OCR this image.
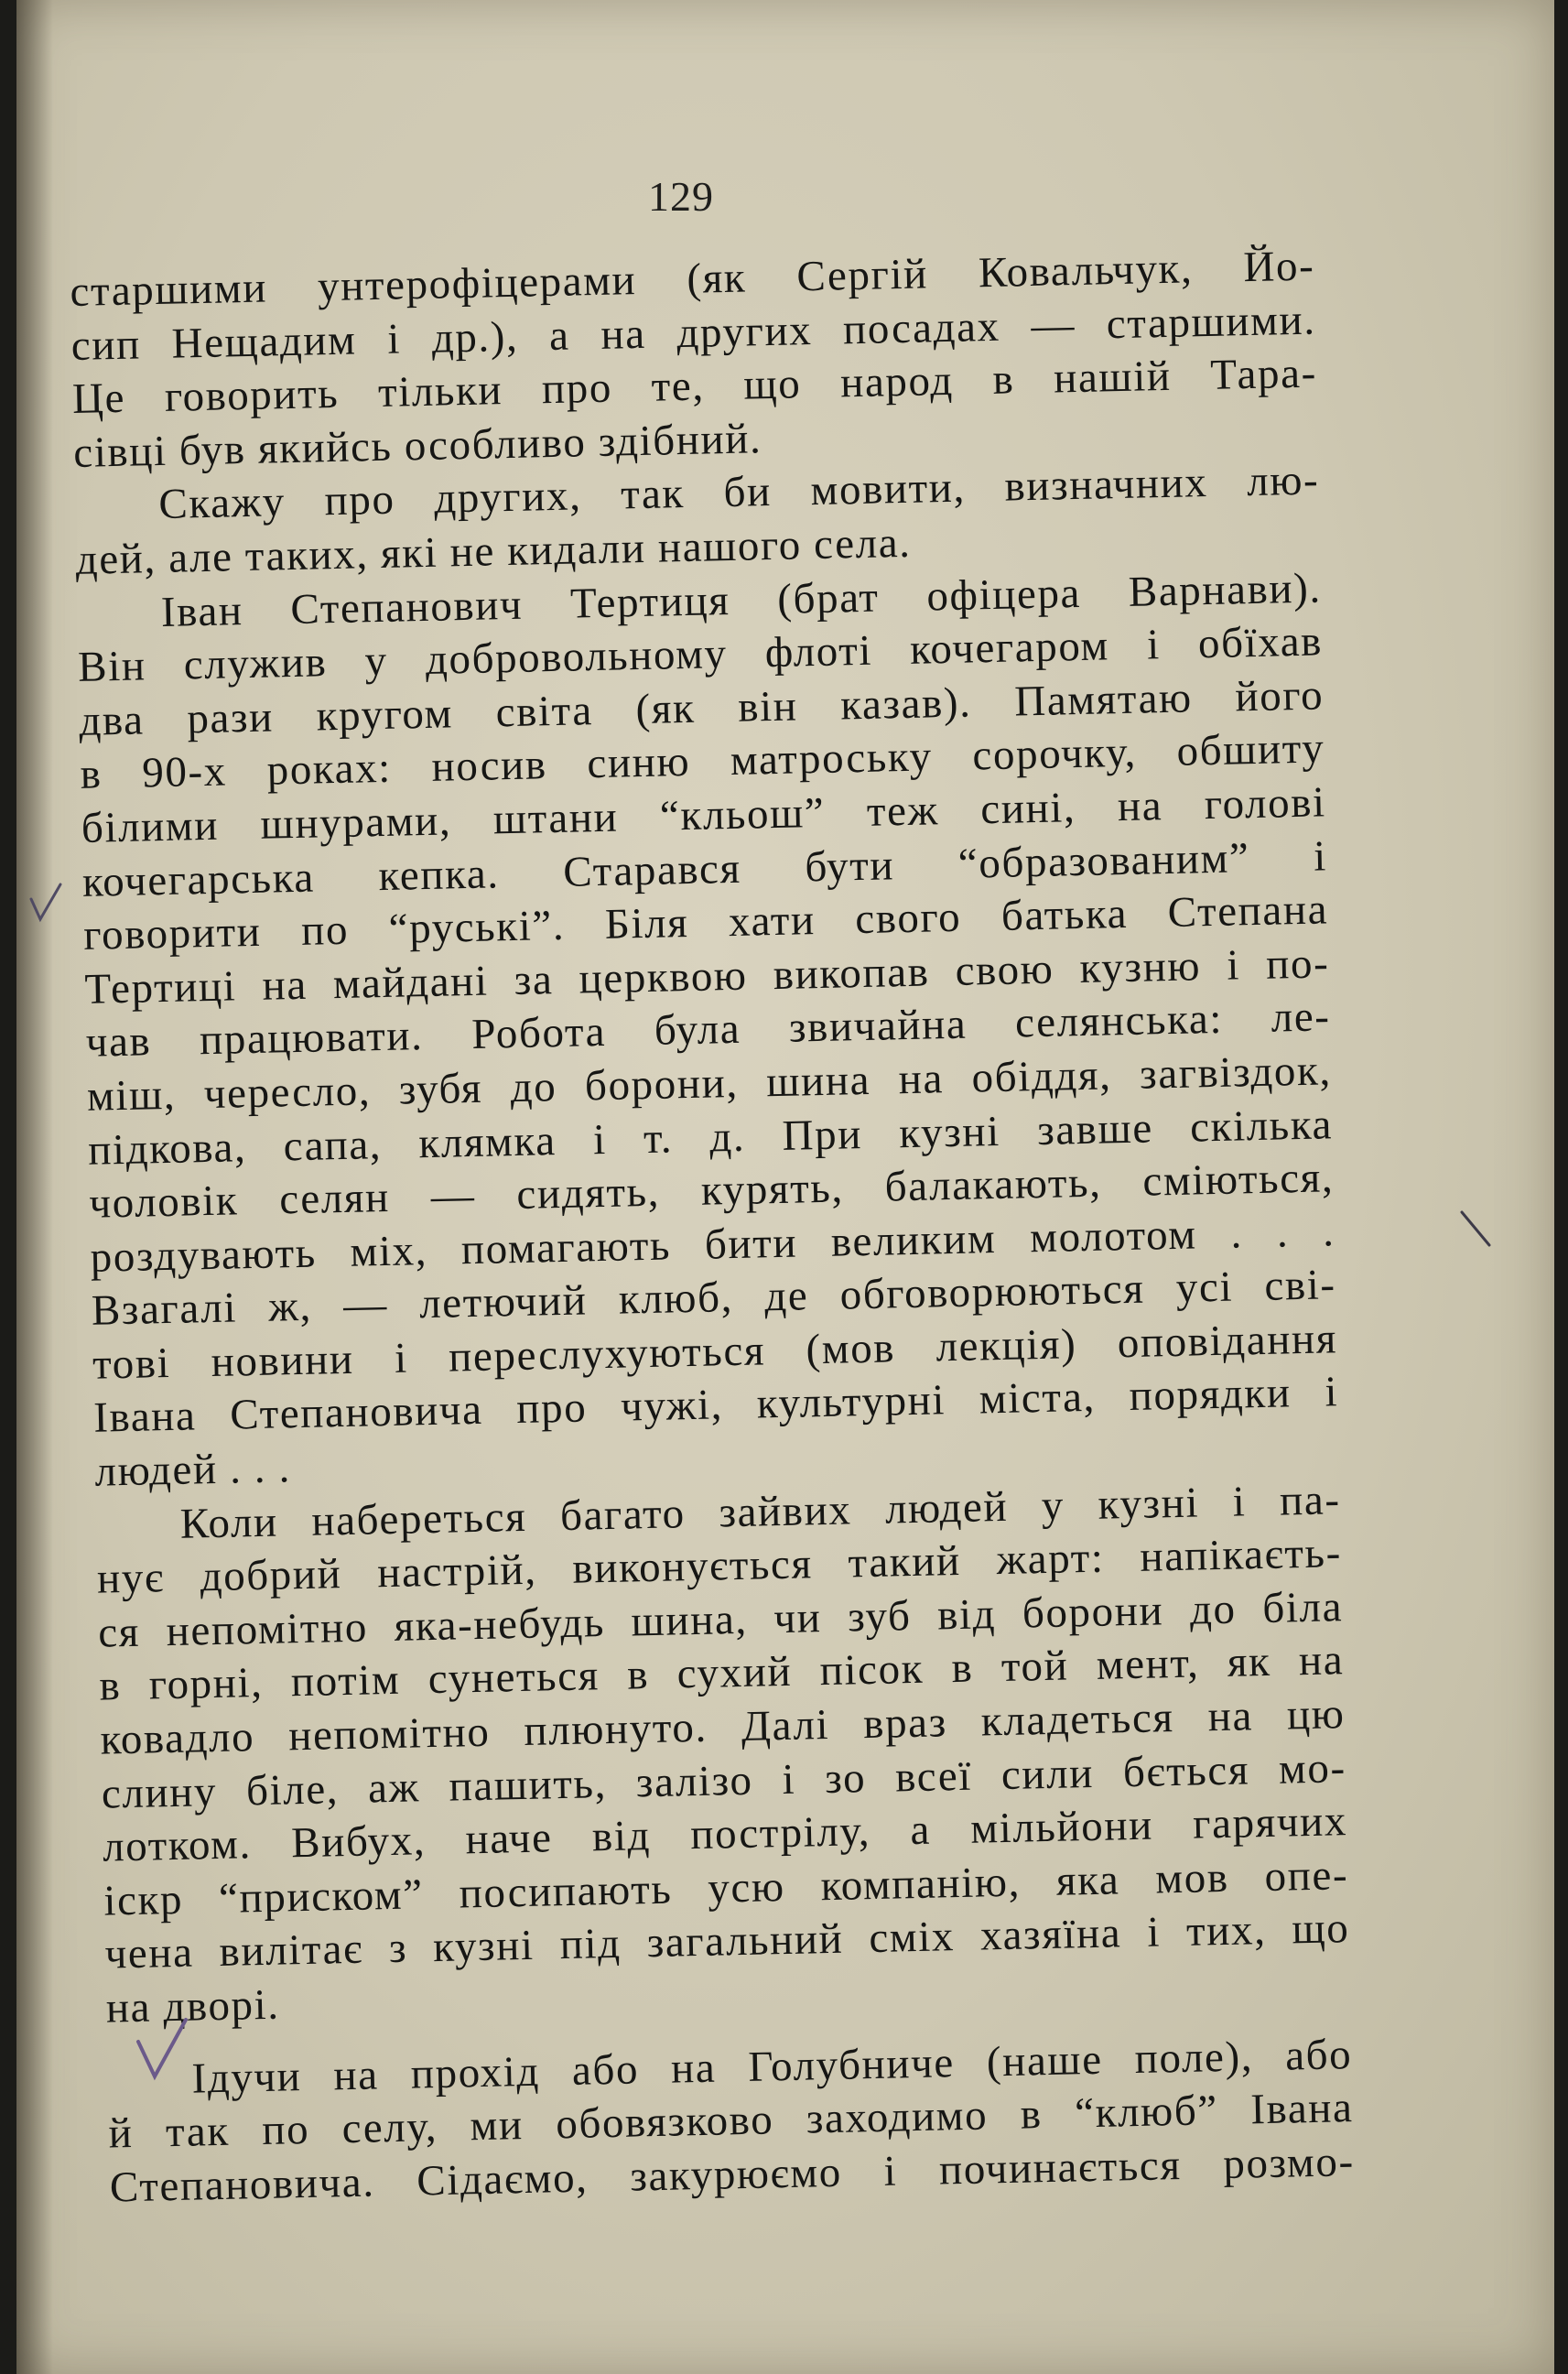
129
старшими унтерофіцерами (як Сергій Ковальчук, Йо-
сип Нещадим і др.), а на других посадах — старшими.
Це говорить тільки про те, що народ в нашій Тара-
сівці був якийсь особливо здібний.
Скажу про других, так би мовити, визначних лю-
дей, але таких, які не кидали нашого села.
Іван Степанович Тертиця (брат офіцера Варнави).
Він служив у добровольному флоті кочегаром і обїхав
два рази кругом світа (як він казав). Памятаю його
в 90-х роках: носив синю матроську сорочку, обшиту
білими шнурами, штани “кльош” теж сині, на голові
кочегарська кепка. Старався бути “образованим” і
говорити по “руські”. Біля хати свого батька Степана
Тертиці на майдані за церквою викопав свою кузню і по-
чав працювати. Робота була звичайна селянська: ле-
міш, чересло, зубя до борони, шина на обіддя, загвіздок,
підкова, сапа, клямка і т. д. При кузні завше скілька
чоловік селян — сидять, курять, балакають, сміються,
роздувають міх, помагають бити великим молотом . . .
Взагалі ж, — летючий клюб, де обговорюються усі сві-
тові новини і переслухуються (мов лекція) оповідання
Івана Степановича про чужі, культурні міста, порядки і
людей . . .
Коли набереться багато зайвих людей у кузні і па-
нує добрий настрій, виконується такий жарт: напікаєть-
ся непомітно яка-небудь шина, чи зуб від борони до біла
в горні, потім сунеться в сухий пісок в той мент, як на
ковадло непомітно плюнуто. Далі враз кладеться на цю
слину біле, аж пашить, залізо і зо всеї сили бється мо-
лотком. Вибух, наче від пострілу, а мільйони гарячих
іскр “приском” посипають усю компанію, яка мов опе-
чена вилітає з кузні під загальний сміх хазяїна і тих, що
на дворі.
Ідучи на прохід або на Голубничe (наше поле), або
й так по селу, ми обовязково заходимо в “клюб” Івана
Степановича. Сідаємо, закурюємо і починається розмо-
